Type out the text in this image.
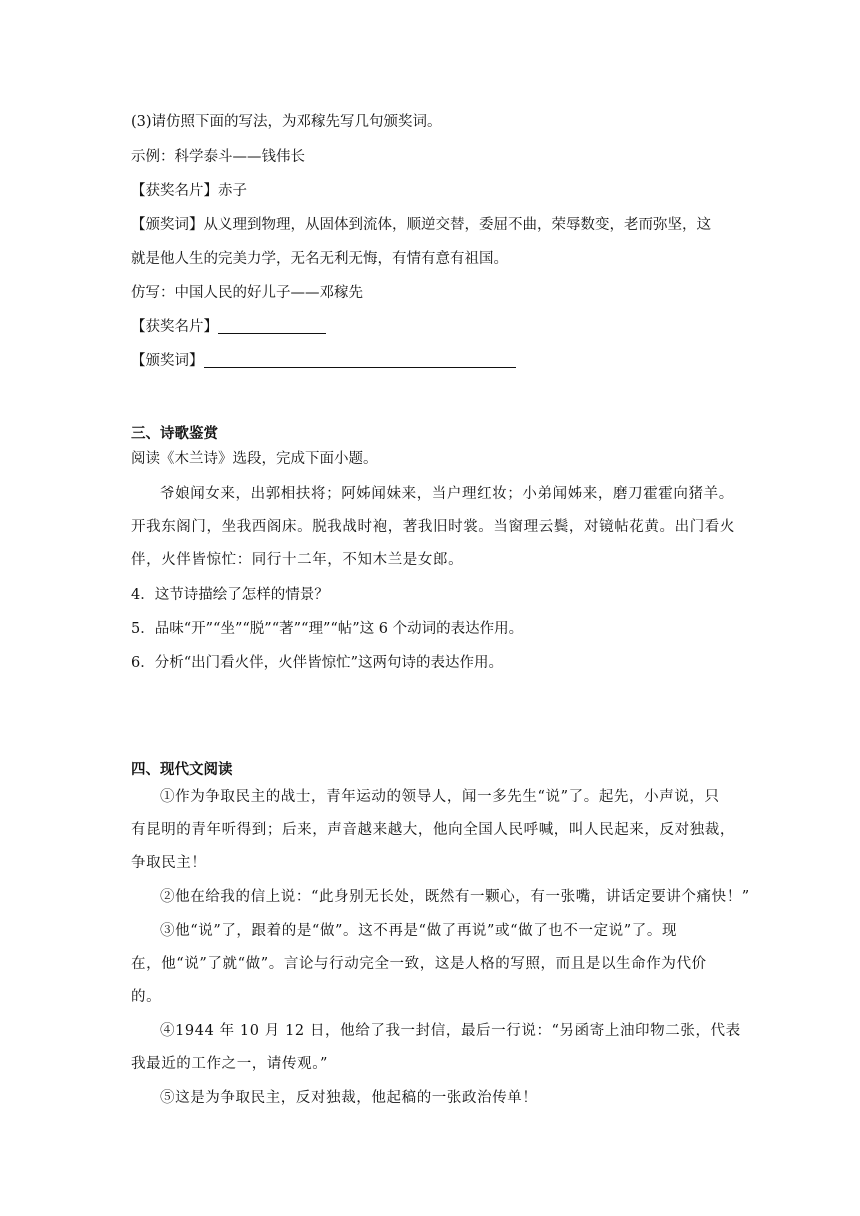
(3)请仿照下面的写法，为邓稼先写几句颁奖词。
示例：科学泰斗——钱伟长
【获奖名片】赤子
【颁奖词】从义理到物理，从固体到流体，顺逆交替，委屈不曲，荣辱数变，老而弥坚，这
就是他人生的完美力学，无名无利无悔，有情有意有祖国。
仿写：中国人民的好儿子——邓稼先
【获奖名片】
【颁奖词】
三、诗歌鉴赏
阅读《木兰诗》选段，完成下面小题。
爷娘闻女来，出郭相扶将；阿姊闻妹来，当户理红妆；小弟闻姊来，磨刀霍霍向猪羊。
开我东阁门，坐我西阁床。脱我战时袍，著我旧时裳。当窗理云鬓，对镜帖花黄。出门看火
伴，火伴皆惊忙：同行十二年，不知木兰是女郎。
4．这节诗描绘了怎样的情景？
5．品味“开”“坐”“脱”“著”“理”“帖”这 6 个动词的表达作用。
6．分析“出门看火伴，火伴皆惊忙”这两句诗的表达作用。
四、现代文阅读
①作为争取民主的战士，青年运动的领导人，闻一多先生“说”了。起先，小声说，只
有昆明的青年听得到；后来，声音越来越大，他向全国人民呼喊，叫人民起来，反对独裁，
争取民主！
②他在给我的信上说：“此身别无长处，既然有一颗心，有一张嘴，讲话定要讲个痛快！”
③他“说”了，跟着的是“做”。这不再是“做了再说”或“做了也不一定说”了。现
在，他“说”了就“做”。言论与行动完全一致，这是人格的写照，而且是以生命作为代价
的。
④1944 年 10 月 12 日，他给了我一封信，最后一行说：“另函寄上油印物二张，代表
我最近的工作之一，请传观。”
⑤这是为争取民主，反对独裁，他起稿的一张政治传单！
